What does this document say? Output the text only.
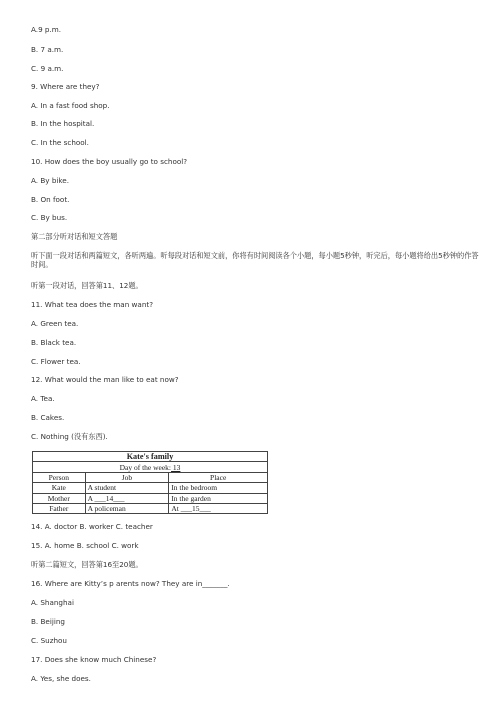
A.9 p.m.
B. 7 a.m.
C. 9 a.m.
9. Where are they?
A. In a fast food shop.
B. In the hospital.
C. In the school.
10. How does the boy usually go to school?
A. By bike.
B. On foot.
C. By bus.
第二部分听对话和短文答题
听下面一段对话和两篇短文，各听两遍。听每段对话和短文前，你将有时间阅读各个小题，每小题5秒钟，听完后，每小题将给出5秒钟的作答时间。
听第一段对话，回答第11、12题。
11. What tea does the man want?
A. Green tea.
B. Black tea.
C. Flower tea.
12. What would the man like to eat now?
A. Tea.
B. Cakes.
C. Nothing (没有东西).
Kate's family		
Day of the week: 13		
Person	Job	Place
Kate	A student	In the bedroom
Mother	A ___14___	In the garden
Father	A policeman	At ___15___
14. A. doctor B. worker C. teacher
15. A. home B. school C. work
听第二篇短文，回答第16至20题。
16. Where are Kitty’s p arents now? They are in_______.
A. Shanghai
B. Beijing
C. Suzhou
17. Does she know much Chinese?
A. Yes, she does.
